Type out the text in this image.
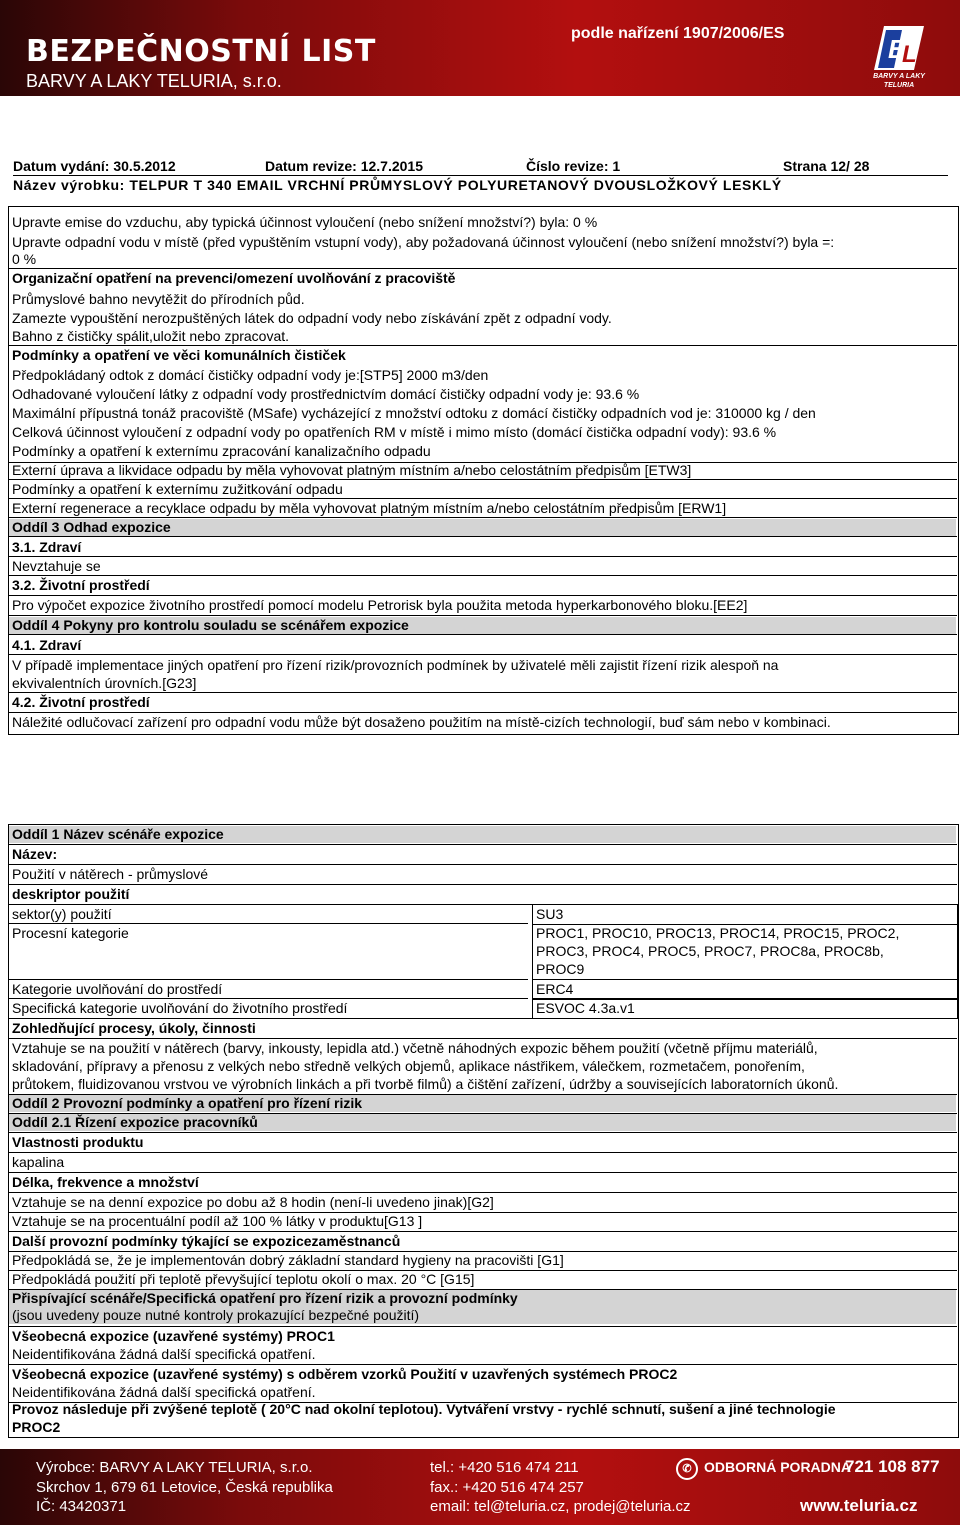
BEZPEČNOSTNÍ LIST
BARVY A LAKY TELURIA, s.r.o.
podle nařízení 1907/2006/ES
B
L
BARVY A LAKY
TELURIA
Datum vydání: 30.5.2012	Datum revize: 12.7.2015	Číslo revize: 1	Strana 12/ 28
Název výrobku: TELPUR T 340 EMAIL VRCHNÍ PRŮMYSLOVÝ POLYURETANOVÝ DVOUSLOŽKOVÝ LESKLÝ
Upravte emise do vzduchu, aby typická účinnost vyloučení (nebo snížení množství?) byla: 0 %
Upravte odpadní vodu v místě (před vypuštěním vstupní vody), aby požadovaná účinnost vyloučení (nebo snížení množství?) byla =:
0 %
Organizační opatření na prevenci/omezení uvolňování z pracoviště
Průmyslové bahno nevytěžit do přírodních půd.
Zamezte vypouštění nerozpuštěných látek do odpadní vody nebo získávání zpět z odpadní vody.
Bahno z čističky spálit,uložit nebo zpracovat.
Podmínky a opatření ve věci komunálních čističek
Předpokládaný odtok z domácí čističky odpadní vody je:[STP5] 2000 m3/den
Odhadované vyloučení látky z odpadní vody prostřednictvím domácí čističky odpadní vody je: 93.6 %
Maximální přípustná tonáž pracoviště (MSafe) vycházející z množství odtoku z domácí čističky odpadních vod je: 310000 kg / den
Celková účinnost vyloučení z odpadní vody po opatřeních RM v místě i mimo místo (domácí čistička odpadní vody): 93.6 %
Podmínky a opatření k externímu zpracování kanalizačního odpadu
Externí úprava a likvidace odpadu by měla vyhovovat platným místním a/nebo celostátním předpisům [ETW3]
Podmínky a opatření k externímu zužitkování odpadu
Externí regenerace a recyklace odpadu by měla vyhovovat platným místním a/nebo celostátním předpisům [ERW1]
Oddíl 3 Odhad expozice
3.1. Zdraví
Nevztahuje se
3.2. Životní prostředí
Pro výpočet expozice životního prostředí pomocí modelu Petrorisk byla použita metoda hyperkarbonového bloku.[EE2]
Oddíl 4 Pokyny pro kontrolu souladu se scénářem expozice
4.1. Zdraví
V případě implementace jiných opatření pro řízení rizik/provozních podmínek by uživatelé měli zajistit řízení rizik alespoň na
ekvivalentních úrovních.[G23]
4.2. Životní prostředí
Náležité odlučovací zařízení pro odpadní vodu může být dosaženo použitím na místě-cizích technologií, buď sám nebo v kombinaci.
Oddíl 1 Název scénáře expozice
Název:
Použití v nátěrech - průmyslové
deskriptor použití
sektor(y) použití	SU3
Procesní kategorie	PROC1, PROC10, PROC13, PROC14, PROC15, PROC2,
PROC3, PROC4, PROC5, PROC7, PROC8a, PROC8b,
PROC9
Kategorie uvolňování do prostředí	ERC4
Specifická kategorie uvolňování do životního prostředí	ESVOC 4.3a.v1
Zohledňující procesy, úkoly, činnosti
Vztahuje se na použití v nátěrech (barvy, inkousty, lepidla atd.) včetně náhodných expozic během použití (včetně příjmu materiálů,
skladování, přípravy a přenosu z velkých nebo středně velkých objemů, aplikace nástřikem, válečkem, rozmetačem, ponořením,
průtokem, fluidizovanou vrstvou ve výrobních linkách a při tvorbě filmů) a čištění zařízení, údržby a souvisejících laboratorních úkonů.
Oddíl 2 Provozní podmínky a opatření pro řízení rizik
Oddíl 2.1 Řízení expozice pracovníků
Vlastnosti produktu
kapalina
Délka, frekvence a množství
Vztahuje se na denní expozice po dobu až 8 hodin (není-li uvedeno jinak)[G2]
Vztahuje se na procentuální podíl až 100 % látky v produktu[G13 ]
Další provozní podmínky týkající se expozicezaměstnanců
Předpokládá se, že je implementován dobrý základní standard hygieny na pracovišti [G1]
Předpokládá použití při teplotě převyšující teplotu okolí o max. 20 °C [G15]
Přispívající scénáře/Specifická opatření pro řízení rizik a provozní podmínky
(jsou uvedeny pouze nutné kontroly prokazující bezpečné použití)
Všeobecná expozice (uzavřené systémy) PROC1
Neidentifikována žádná další specifická opatření.
Všeobecná expozice (uzavřené systémy) s odběrem vzorků Použití v uzavřených systémech PROC2
Neidentifikována žádná další specifická opatření.
Provoz následuje při zvýšené teplotě ( 20°C nad okolní teplotou). Vytváření vrstvy - rychlé schnutí, sušení a jiné technologie
PROC2
Výrobce: BARVY A LAKY TELURIA, s.r.o.
Skrchov 1, 679 61 Letovice, Česká republika
IČ: 43420371
tel.: +420 516 474 211
fax.: +420 516 474 257
email: tel@teluria.cz, prodej@teluria.cz
✆ ODBORNÁ PORADNA
721 108 877
www.teluria.cz
